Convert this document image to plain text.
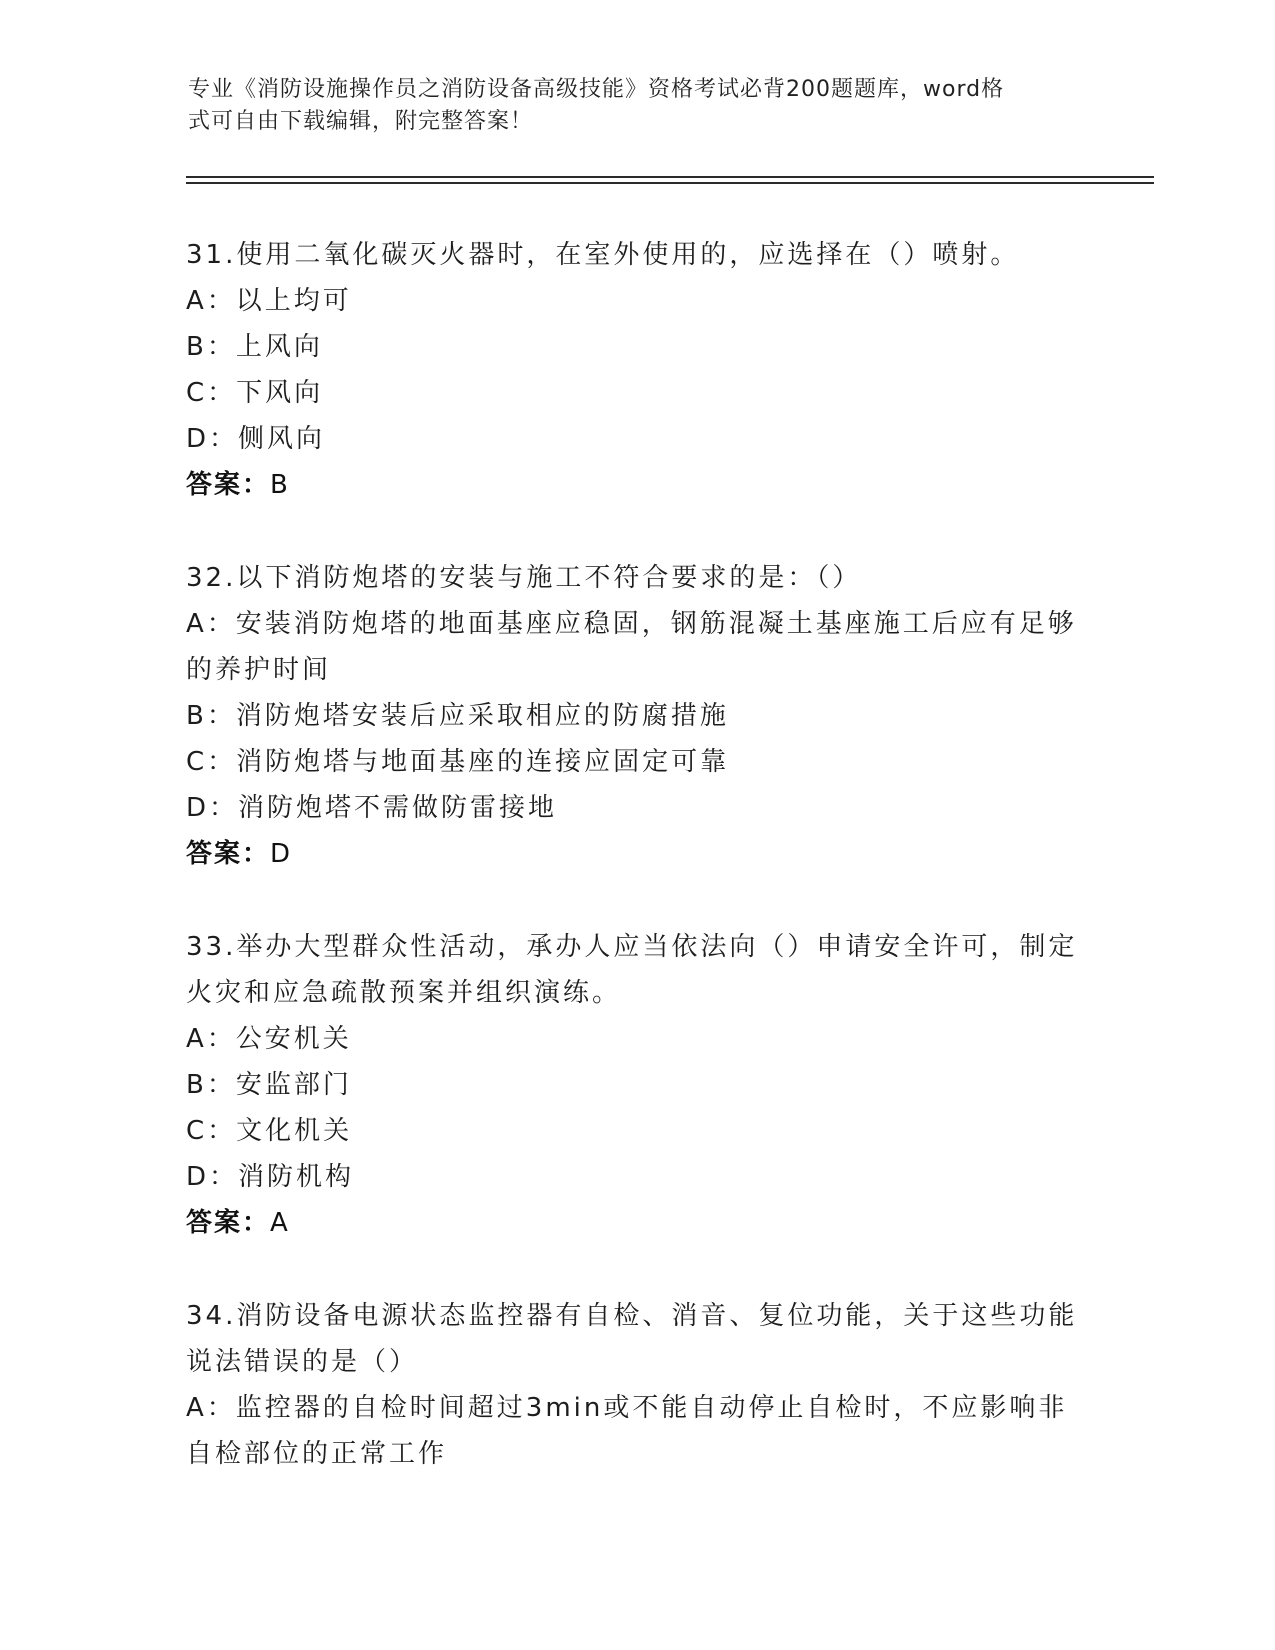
专业《消防设施操作员之消防设备高级技能》资格考试必背200题题库，word格
式可自由下载编辑，附完整答案！
31.使用二氧化碳灭火器时，在室外使用的，应选择在（）喷射。
A：以上均可
B：上风向
C：下风向
D：侧风向
答案：B
32.以下消防炮塔的安装与施工不符合要求的是：（）
A：安装消防炮塔的地面基座应稳固，钢筋混凝土基座施工后应有足够
的养护时间
B：消防炮塔安装后应采取相应的防腐措施
C：消防炮塔与地面基座的连接应固定可靠
D：消防炮塔不需做防雷接地
答案：D
33.举办大型群众性活动，承办人应当依法向（）申请安全许可，制定
火灾和应急疏散预案并组织演练。
A：公安机关
B：安监部门
C：文化机关
D：消防机构
答案：A
34.消防设备电源状态监控器有自检、消音、复位功能，关于这些功能
说法错误的是（）
A：监控器的自检时间超过3min或不能自动停止自检时，不应影响非
自检部位的正常工作
